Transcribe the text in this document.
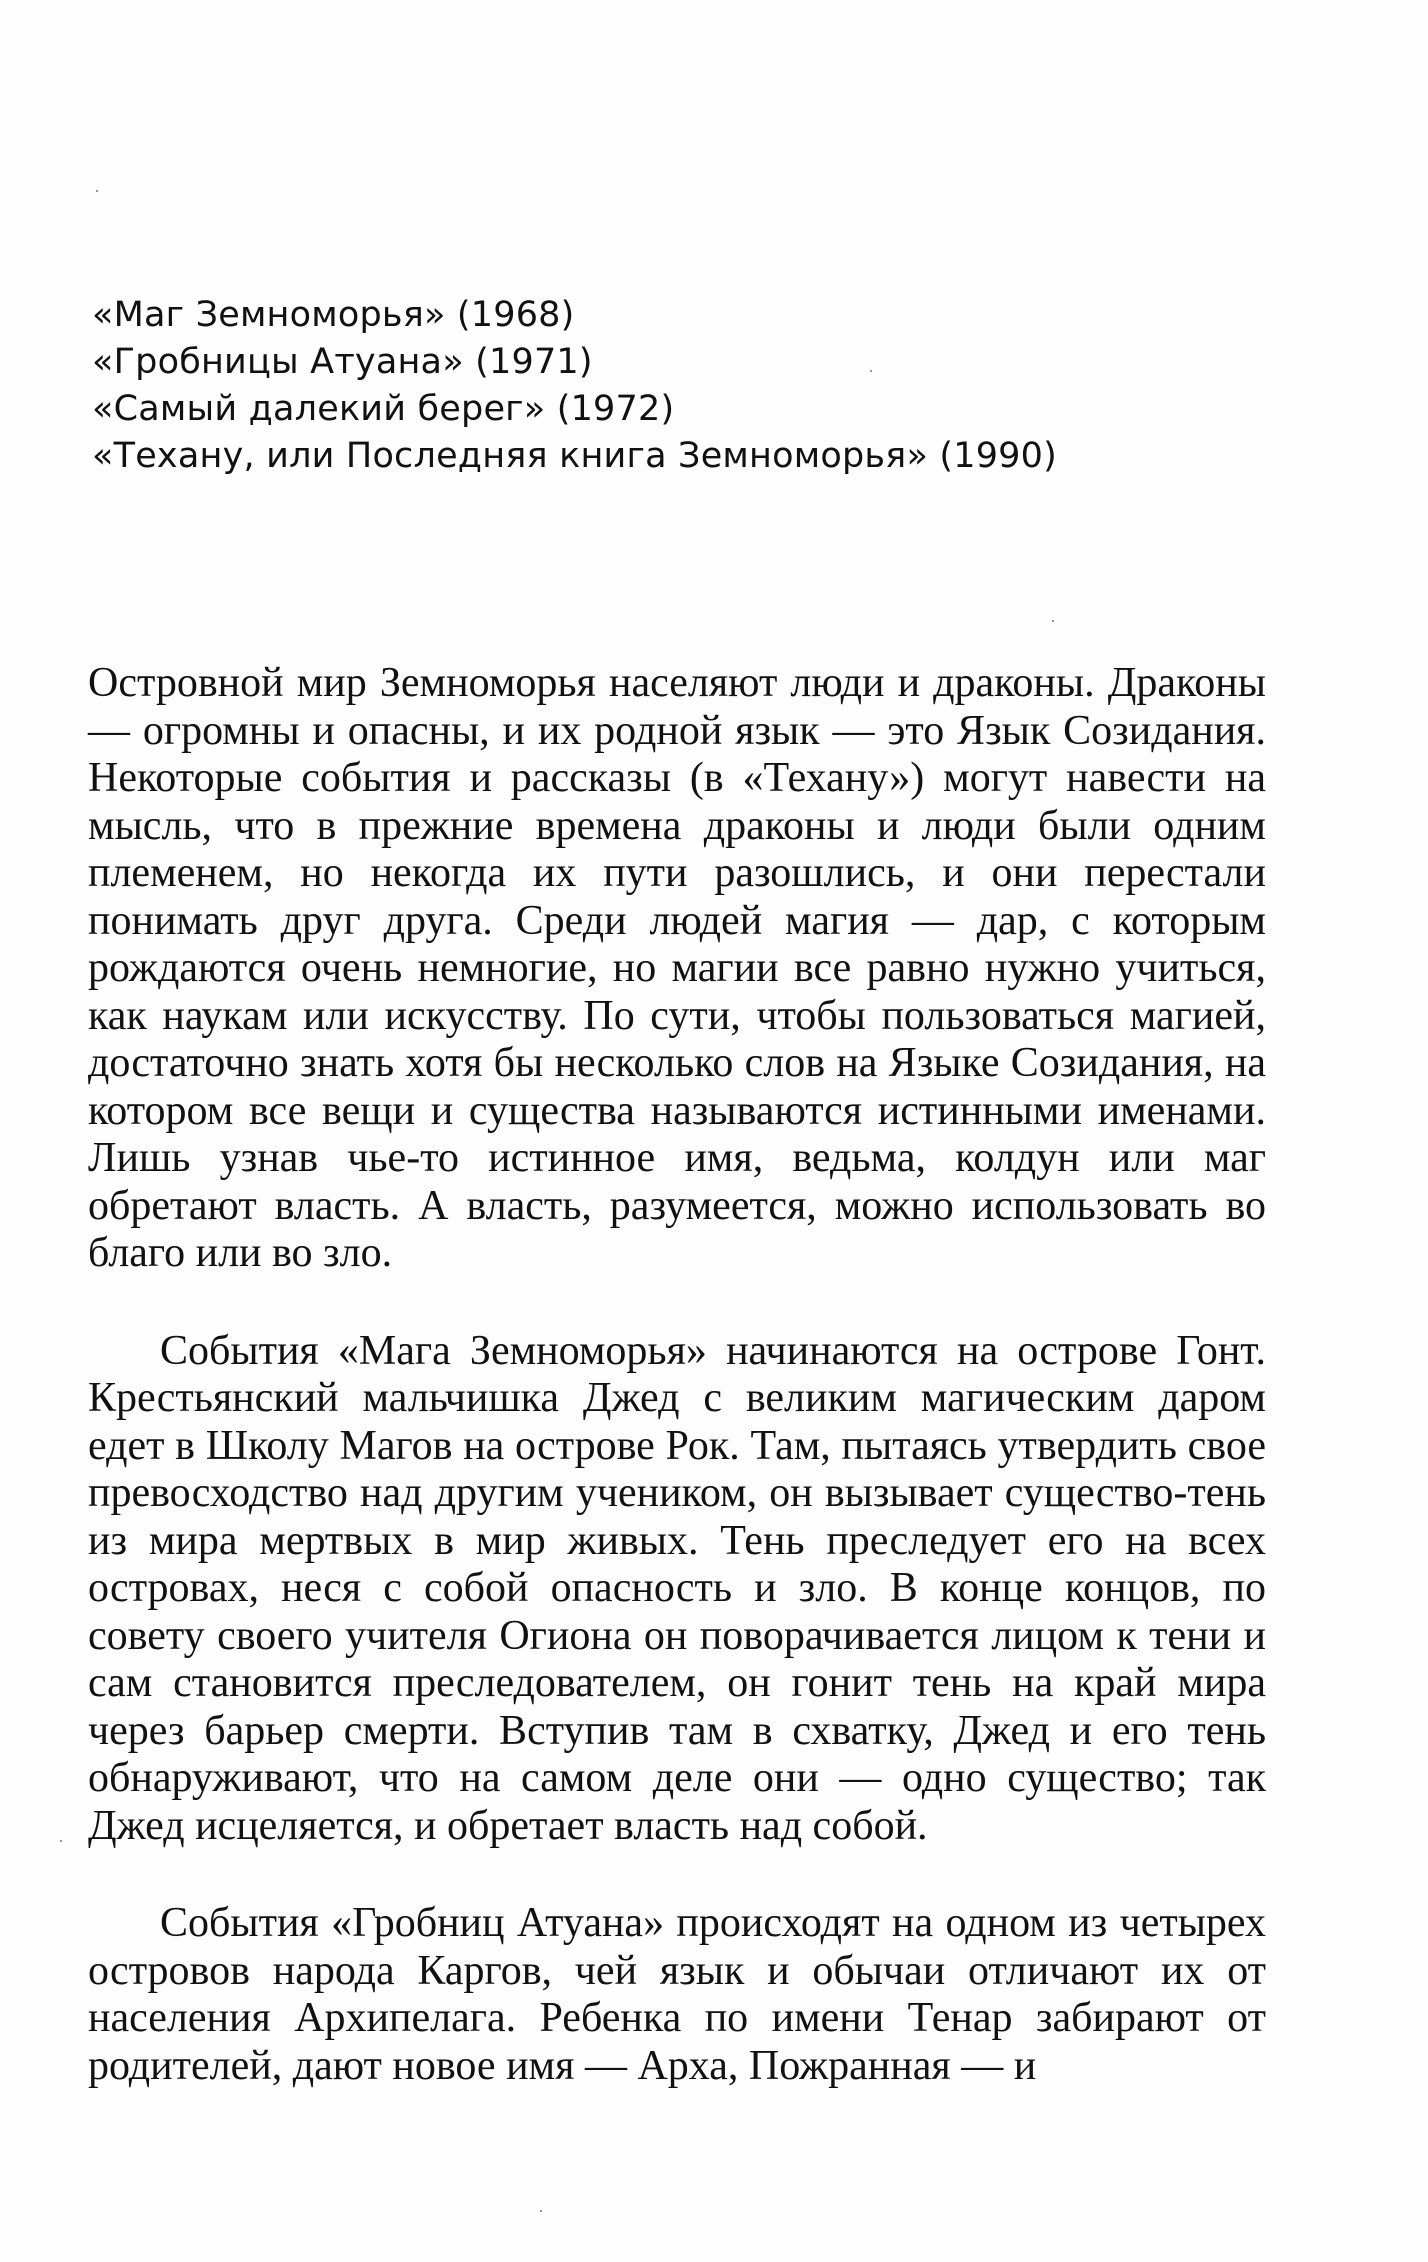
«Маг Земноморья» (1968)
«Гробницы Атуана» (1971)
«Самый далекий берег» (1972)
«Техану, или Последняя книга Земноморья» (1990)

Островной мир Земноморья населяют люди и драконы. Драконы — огромны и опасны, и их родной язык — это Язык Созидания. Некоторые события и рассказы (в «Техану») могут навести на мысль, что в прежние времена драконы и люди были одним племенем, но некогда их пути разошлись, и они перестали понимать друг друга. Среди людей магия — дар, с которым рождаются очень немногие, но магии все равно нужно учиться, как наукам или искусству. По сути, чтобы пользоваться магией, достаточно знать хотя бы несколько слов на Языке Созидания, на котором все вещи и существа называются истинными именами. Лишь узнав чье-то истинное имя, ведьма, колдун или маг обретают власть. А власть, разумеется, можно использовать во благо или во зло.

События «Мага Земноморья» начинаются на острове Гонт. Крестьянский мальчишка Джед с великим магическим даром едет в Школу Магов на острове Рок. Там, пытаясь утвердить свое превосходство над другим учеником, он вызывает существо-тень из мира мертвых в мир живых. Тень преследует его на всех островах, неся с собой опасность и зло. В конце концов, по совету своего учителя Огиона он поворачивается лицом к тени и сам становится преследователем, он гонит тень на край мира через барьер смерти. Вступив там в схватку, Джед и его тень обнаруживают, что на самом деле они — одно существо; так Джед исцеляется, и обретает власть над собой.

События «Гробниц Атуана» происходят на одном из четырех островов народа Каргов, чей язык и обычаи отличают их от населения Архипелага. Ребенка по имени Тенар забирают от родителей, дают новое имя — Арха, Пожранная — и
